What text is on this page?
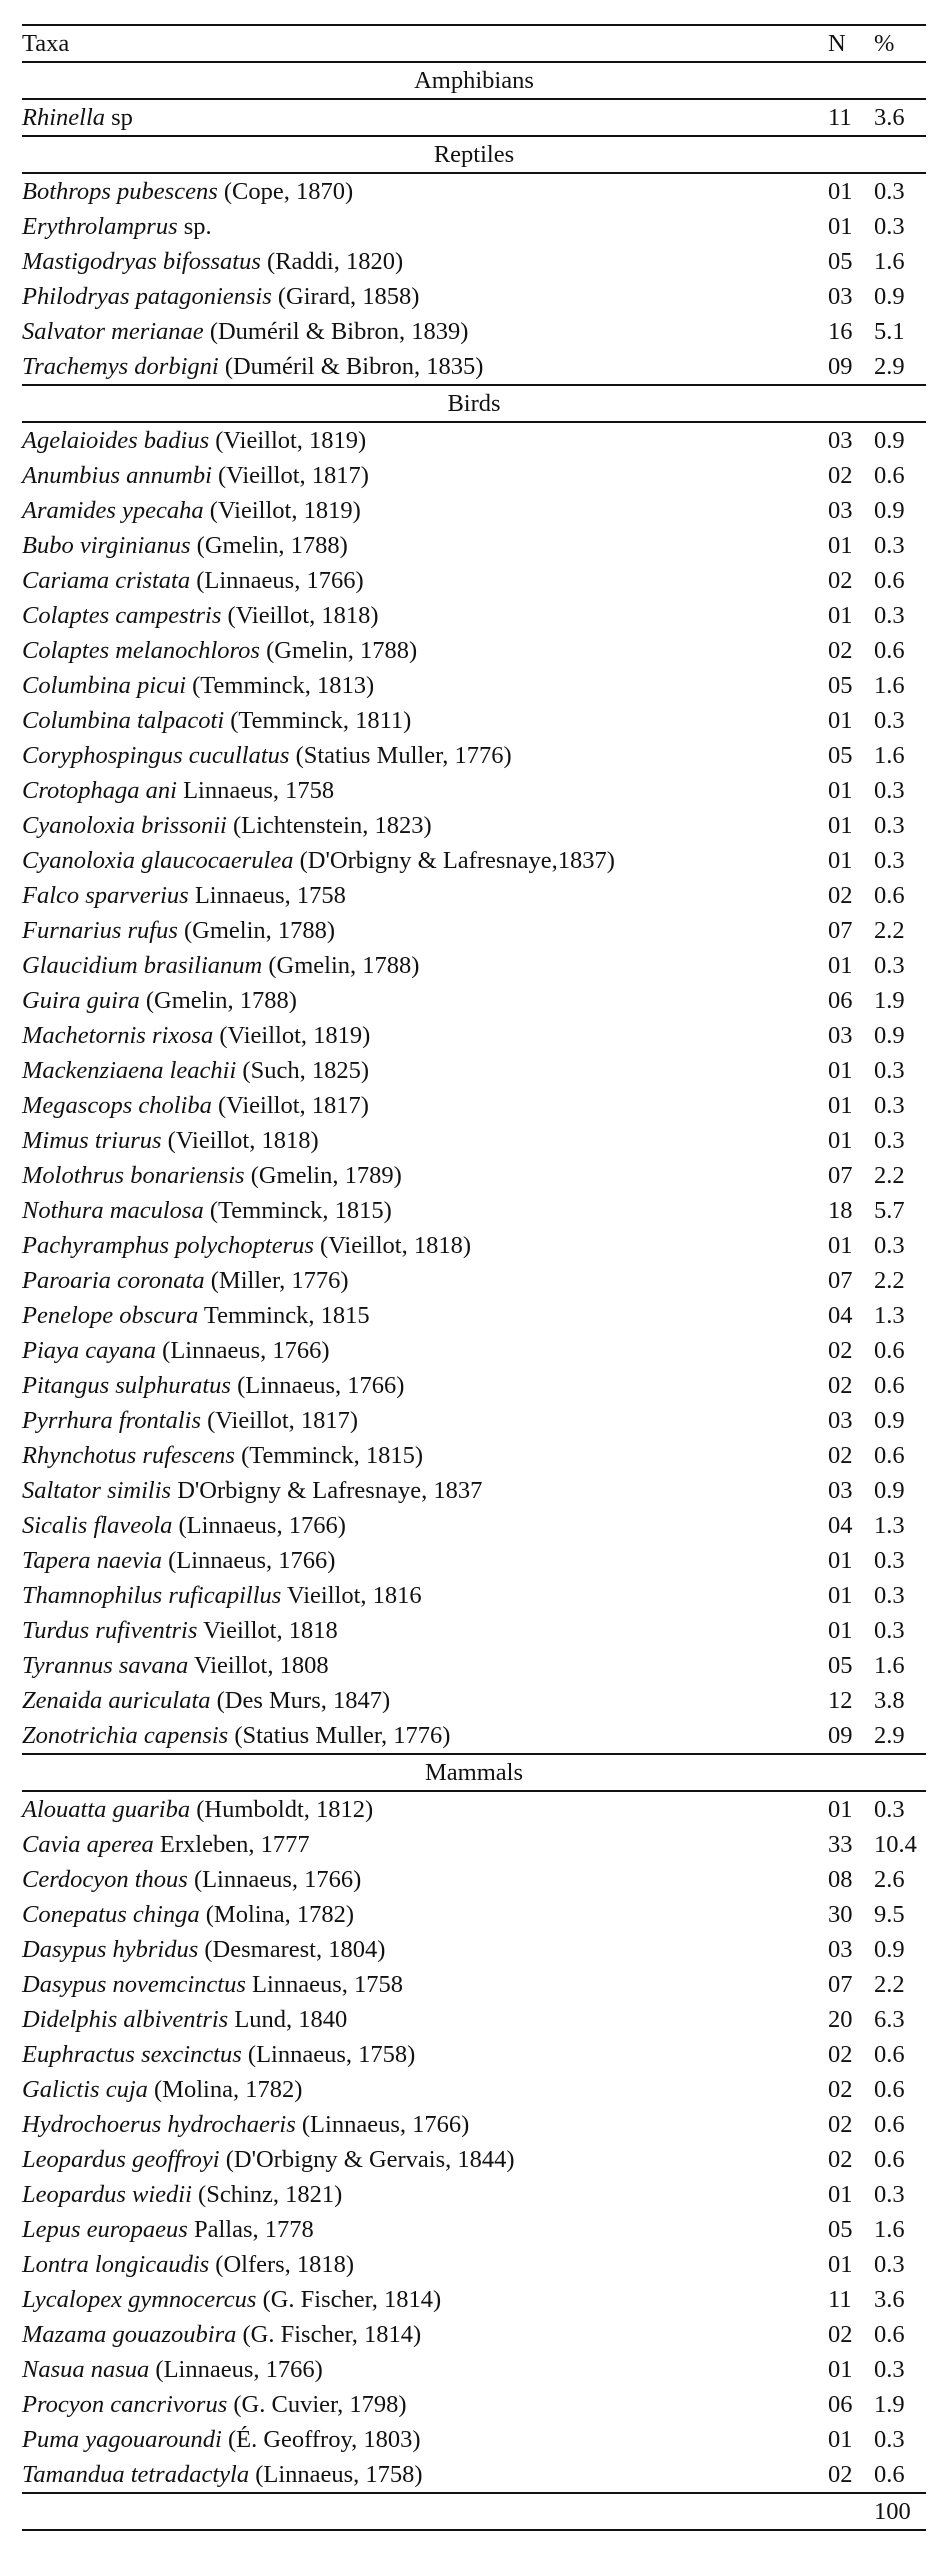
Taxa	N	%
Amphibians		
Rhinella sp	11	3.6
Reptiles		
Bothrops pubescens (Cope, 1870)	01	0.3
Erythrolamprus sp.	01	0.3
Mastigodryas bifossatus (Raddi, 1820)	05	1.6
Philodryas patagoniensis (Girard, 1858)	03	0.9
Salvator merianae (Duméril & Bibron, 1839)	16	5.1
Trachemys dorbigni (Duméril & Bibron, 1835)	09	2.9
Birds		
Agelaioides badius (Vieillot, 1819)	03	0.9
Anumbius annumbi (Vieillot, 1817)	02	0.6
Aramides ypecaha (Vieillot, 1819)	03	0.9
Bubo virginianus (Gmelin, 1788)	01	0.3
Cariama cristata (Linnaeus, 1766)	02	0.6
Colaptes campestris (Vieillot, 1818)	01	0.3
Colaptes melanochloros (Gmelin, 1788)	02	0.6
Columbina picui (Temminck, 1813)	05	1.6
Columbina talpacoti (Temminck, 1811)	01	0.3
Coryphospingus cucullatus (Statius Muller, 1776)	05	1.6
Crotophaga ani Linnaeus, 1758	01	0.3
Cyanoloxia brissonii (Lichtenstein, 1823)	01	0.3
Cyanoloxia glaucocaerulea (D'Orbigny & Lafresnaye,1837)	01	0.3
Falco sparverius Linnaeus, 1758	02	0.6
Furnarius rufus (Gmelin, 1788)	07	2.2
Glaucidium brasilianum (Gmelin, 1788)	01	0.3
Guira guira (Gmelin, 1788)	06	1.9
Machetornis rixosa (Vieillot, 1819)	03	0.9
Mackenziaena leachii (Such, 1825)	01	0.3
Megascops choliba (Vieillot, 1817)	01	0.3
Mimus triurus (Vieillot, 1818)	01	0.3
Molothrus bonariensis (Gmelin, 1789)	07	2.2
Nothura maculosa (Temminck, 1815)	18	5.7
Pachyramphus polychopterus (Vieillot, 1818)	01	0.3
Paroaria coronata (Miller, 1776)	07	2.2
Penelope obscura Temminck, 1815	04	1.3
Piaya cayana (Linnaeus, 1766)	02	0.6
Pitangus sulphuratus (Linnaeus, 1766)	02	0.6
Pyrrhura frontalis (Vieillot, 1817)	03	0.9
Rhynchotus rufescens (Temminck, 1815)	02	0.6
Saltator similis D'Orbigny & Lafresnaye, 1837	03	0.9
Sicalis flaveola (Linnaeus, 1766)	04	1.3
Tapera naevia (Linnaeus, 1766)	01	0.3
Thamnophilus ruficapillus Vieillot, 1816	01	0.3
Turdus rufiventris Vieillot, 1818	01	0.3
Tyrannus savana Vieillot, 1808	05	1.6
Zenaida auriculata (Des Murs, 1847)	12	3.8
Zonotrichia capensis (Statius Muller, 1776)	09	2.9
Mammals		
Alouatta guariba (Humboldt, 1812)	01	0.3
Cavia aperea Erxleben, 1777	33	10.4
Cerdocyon thous (Linnaeus, 1766)	08	2.6
Conepatus chinga (Molina, 1782)	30	9.5
Dasypus hybridus (Desmarest, 1804)	03	0.9
Dasypus novemcinctus Linnaeus, 1758	07	2.2
Didelphis albiventris Lund, 1840	20	6.3
Euphractus sexcinctus (Linnaeus, 1758)	02	0.6
Galictis cuja (Molina, 1782)	02	0.6
Hydrochoerus hydrochaeris (Linnaeus, 1766)	02	0.6
Leopardus geoffroyi (D'Orbigny & Gervais, 1844)	02	0.6
Leopardus wiedii (Schinz, 1821)	01	0.3
Lepus europaeus Pallas, 1778	05	1.6
Lontra longicaudis (Olfers, 1818)	01	0.3
Lycalopex gymnocercus (G. Fischer, 1814)	11	3.6
Mazama gouazoubira (G. Fischer, 1814)	02	0.6
Nasua nasua (Linnaeus, 1766)	01	0.3
Procyon cancrivorus (G. Cuvier, 1798)	06	1.9
Puma yagouaroundi (É. Geoffroy, 1803)	01	0.3
Tamandua tetradactyla (Linnaeus, 1758)	02	0.6
		100
